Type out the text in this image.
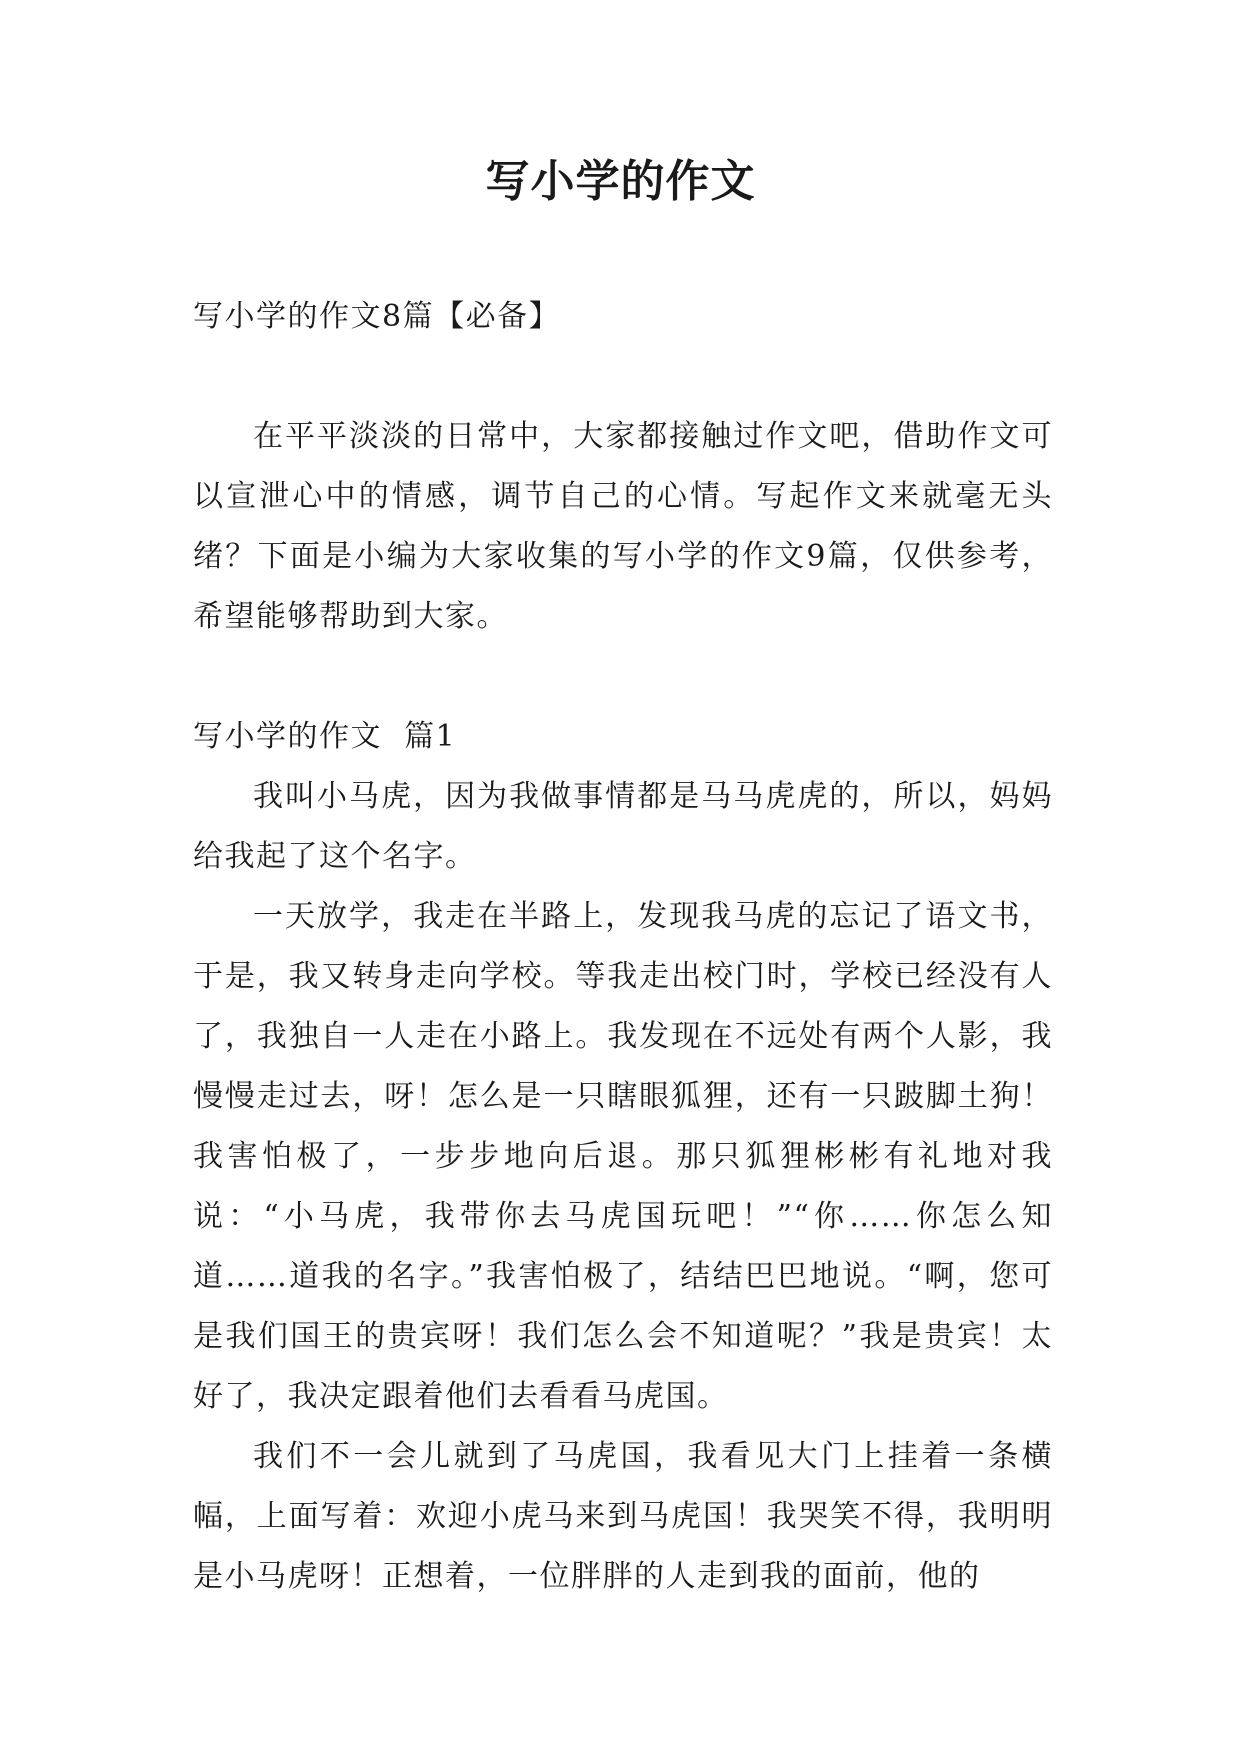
写小学的作文

写小学的作文8篇【必备】

在平平淡淡的日常中，大家都接触过作文吧，借助作文可以宣泄心中的情感，调节自己的心情。写起作文来就毫无头绪？下面是小编为大家收集的写小学的作文9篇，仅供参考，希望能够帮助到大家。

写小学的作文  篇1

我叫小马虎，因为我做事情都是马马虎虎的，所以，妈妈给我起了这个名字。

一天放学，我走在半路上，发现我马虎的忘记了语文书，于是，我又转身走向学校。等我走出校门时，学校已经没有人了，我独自一人走在小路上。我发现在不远处有两个人影，我慢慢走过去，呀！怎么是一只瞎眼狐狸，还有一只跛脚土狗！我害怕极了，一步步地向后退。那只狐狸彬彬有礼地对我说：“小马虎，我带你去马虎国玩吧！”“你……你怎么知道……道我的名字。”我害怕极了，结结巴巴地说。“啊，您可是我们国王的贵宾呀！我们怎么会不知道呢？”我是贵宾！太好了，我决定跟着他们去看看马虎国。

我们不一会儿就到了马虎国，我看见大门上挂着一条横幅，上面写着：欢迎小虎马来到马虎国！我哭笑不得，我明明是小马虎呀！正想着，一位胖胖的人走到我的面前，他的
